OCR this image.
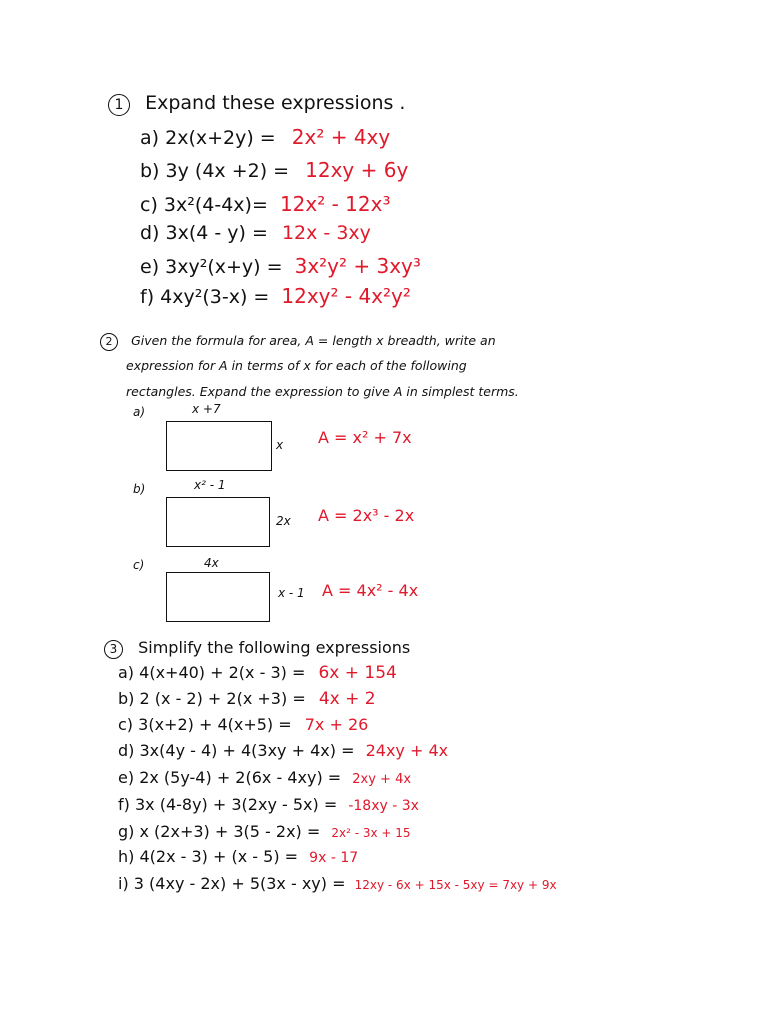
1 Expand these expressions .
a) 2x(x+2y) = 2x² + 4xy
b) 3y (4x +2) = 12xy + 6y
c) 3x²(4-4x)= 12x² - 12x³
d) 3x(4 - y) = 12x - 3xy
e) 3xy²(x+y) = 3x²y² + 3xy³
f) 4xy²(3-x) = 12xy² - 4x²y²
2 Given the formula for area, A = length x breadth, write an
expression for A in terms of x for each of the following
rectangles. Expand the expression to give A in simplest terms.
a)	x +7
x A = x² + 7x
b)	x² - 1
2x A = 2x³ - 2x
c)	4x
x - 1 A = 4x² - 4x
3 Simplify the following expressions
a) 4(x+40) + 2(x - 3) = 6x + 154
b) 2 (x - 2) + 2(x +3) = 4x + 2
c) 3(x+2) + 4(x+5) = 7x + 26
d) 3x(4y - 4) + 4(3xy + 4x) = 24xy + 4x
e) 2x (5y-4) + 2(6x - 4xy) = 2xy + 4x
f) 3x (4-8y) + 3(2xy - 5x) = -18xy - 3x
g) x (2x+3) + 3(5 - 2x) = 2x² - 3x + 15
h) 4(2x - 3) + (x - 5) = 9x - 17
i) 3 (4xy - 2x) + 5(3x - xy) = 12xy - 6x + 15x - 5xy = 7xy + 9x
